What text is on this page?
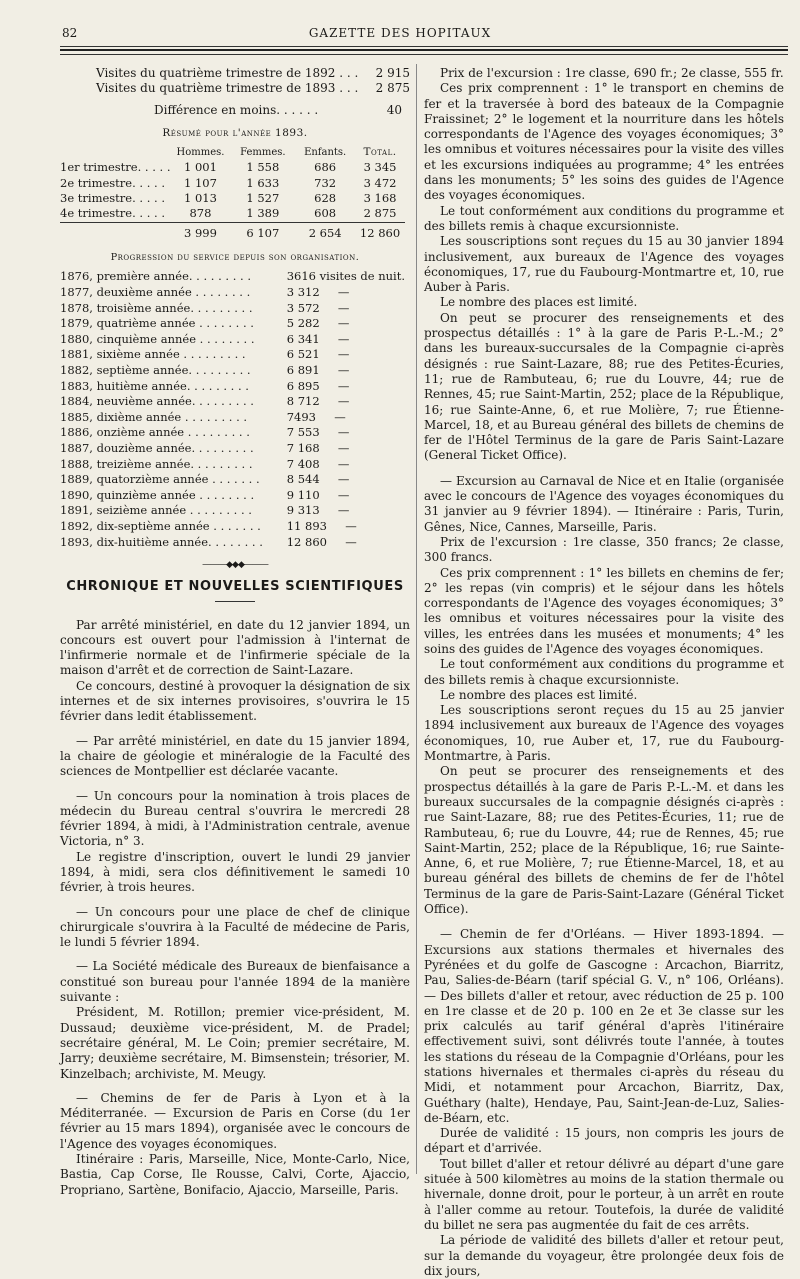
82	GAZETTE DES HOPITAUX
Visites du quatrième trimestre de 1892 . . .	2 915
Visites du quatrième trimestre de 1893 . . .	2 875
Différence en moins. . . . . .	40
Résumé pour l'année 1893.
	Hommes.	Femmes.	Enfants.	Total.
1er trimestre. . . . .	1 001	1 558	686	3 345
2e trimestre. . . . .	1 107	1 633	732	3 472
3e trimestre. . . . .	1 013	1 527	628	3 168
4e trimestre. . . . .	878	1 389	608	2 875
	3 999	6 107	2 654	12 860
Progression du service depuis son organisation.
1876, première année. . . . . . . . .	3616 visites de nuit.
1877, deuxième année . . . . . . . .	3 312     —
1878, troisième année. . . . . . . . .	3 572     —
1879, quatrième année . . . . . . . .	5 282     —
1880, cinquième année . . . . . . . .	6 341     —
1881, sixième année . . . . . . . . .	6 521     —
1882, septième année. . . . . . . . .	6 891     —
1883, huitième année. . . . . . . . .	6 895     —
1884, neuvième année. . . . . . . . .	8 712     —
1885, dixième année . . . . . . . . .	7493     —
1886, onzième année . . . . . . . . .	7 553     —
1887, douzième année. . . . . . . . .	7 168     —
1888, treizième année. . . . . . . . .	7 408     —
1889, quatorzième année . . . . . . .	8 544     —
1890, quinzième année . . . . . . . .	9 110     —
1891, seizième année . . . . . . . . .	9 313     —
1892, dix-septième année . . . . . . .	11 893     —
1893, dix-huitième année. . . . . . . .	12 860     —
———◆◆◆———
CHRONIQUE ET NOUVELLES SCIENTIFIQUES

Par arrêté ministériel, en date du 12 janvier 1894, un concours est ouvert pour l'admission à l'internat de l'infirmerie normale et de l'infirmerie spéciale de la maison d'arrêt et de correction de Saint-Lazare.

Ce concours, destiné à provoquer la désignation de six internes et de six internes provisoires, s'ouvrira le 15 février dans ledit établissement.

— Par arrêté ministériel, en date du 15 janvier 1894, la chaire de géologie et minéralogie de la Faculté des sciences de Montpellier est déclarée vacante.

— Un concours pour la nomination à trois places de médecin du Bureau central s'ouvrira le mercredi 28 février 1894, à midi, à l'Administration centrale, avenue Victoria, n° 3.

Le registre d'inscription, ouvert le lundi 29 janvier 1894, à midi, sera clos définitivement le samedi 10 février, à trois heures.

— Un concours pour une place de chef de clinique chirurgicale s'ouvrira à la Faculté de médecine de Paris, le lundi 5 février 1894.

— La Société médicale des Bureaux de bienfaisance a constitué son bureau pour l'année 1894 de la manière suivante :

Président, M. Rotillon; premier vice-président, M. Dussaud; deuxième vice-président, M. de Pradel; secrétaire général, M. Le Coin; premier secrétaire, M. Jarry; deuxième secrétaire, M. Bimsenstein; trésorier, M. Kinzelbach; archiviste, M. Meugy.

— Chemins de fer de Paris à Lyon et à la Méditerranée. — Excursion de Paris en Corse (du 1er février au 15 mars 1894), organisée avec le concours de l'Agence des voyages économiques.

Itinéraire : Paris, Marseille, Nice, Monte-Carlo, Nice, Bastia, Cap Corse, Ile Rousse, Calvi, Corte, Ajaccio, Propriano, Sartène, Bonifacio, Ajaccio, Marseille, Paris.

Prix de l'excursion : 1re classe, 690 fr.; 2e classe, 555 fr.

Ces prix comprennent : 1° le transport en chemins de fer et la traversée à bord des bateaux de la Compagnie Fraissinet; 2° le logement et la nourriture dans les hôtels correspondants de l'Agence des voyages économiques; 3° les omnibus et voitures nécessaires pour la visite des villes et les excursions indiquées au programme; 4° les entrées dans les monuments; 5° les soins des guides de l'Agence des voyages économiques.

Le tout conformément aux conditions du programme et des billets remis à chaque excursionniste.

Les souscriptions sont reçues du 15 au 30 janvier 1894 inclusivement, aux bureaux de l'Agence des voyages économiques, 17, rue du Faubourg-Montmartre et, 10, rue Auber à Paris.

Le nombre des places est limité.

On peut se procurer des renseignements et des prospectus détaillés : 1° à la gare de Paris P.-L.-M.; 2° dans les bureaux-succursales de la Compagnie ci-après désignés : rue Saint-Lazare, 88; rue des Petites-Écuries, 11; rue de Rambuteau, 6; rue du Louvre, 44; rue de Rennes, 45; rue Saint-Martin, 252; place de la République, 16; rue Sainte-Anne, 6, et rue Molière, 7; rue Étienne-Marcel, 18, et au Bureau général des billets de chemins de fer de l'Hôtel Terminus de la gare de Paris Saint-Lazare (General Ticket Office).

— Excursion au Carnaval de Nice et en Italie (organisée avec le concours de l'Agence des voyages économiques du 31 janvier au 9 février 1894). — Itinéraire : Paris, Turin, Gênes, Nice, Cannes, Marseille, Paris.

Prix de l'excursion : 1re classe, 350 francs; 2e classe, 300 francs.

Ces prix comprennent : 1° les billets en chemins de fer; 2° les repas (vin compris) et le séjour dans les hôtels correspondants de l'Agence des voyages économiques; 3° les omnibus et voitures nécessaires pour la visite des villes, les entrées dans les musées et monuments; 4° les soins des guides de l'Agence des voyages économiques.

Le tout conformément aux conditions du programme et des billets remis à chaque excursionniste.

Le nombre des places est limité.

Les souscriptions seront reçues du 15 au 25 janvier 1894 inclusivement aux bureaux de l'Agence des voyages économiques, 10, rue Auber et, 17, rue du Faubourg-Montmartre, à Paris.

On peut se procurer des renseignements et des prospectus détaillés à la gare de Paris P.-L.-M. et dans les bureaux succursales de la compagnie désignés ci-après : rue Saint-Lazare, 88; rue des Petites-Écuries, 11; rue de Rambuteau, 6; rue du Louvre, 44; rue de Rennes, 45; rue Saint-Martin, 252; place de la République, 16; rue Sainte-Anne, 6, et rue Molière, 7; rue Étienne-Marcel, 18, et au bureau général des billets de chemins de fer de l'hôtel Terminus de la gare de Paris-Saint-Lazare (Général Ticket Office).

— Chemin de fer d'Orléans. — Hiver 1893-1894. — Excursions aux stations thermales et hivernales des Pyrénées et du golfe de Gascogne : Arcachon, Biarritz, Pau, Salies-de-Béarn (tarif spécial G. V., n° 106, Orléans). — Des billets d'aller et retour, avec réduction de 25 p. 100 en 1re classe et de 20 p. 100 en 2e et 3e classe sur les prix calculés au tarif général d'après l'itinéraire effectivement suivi, sont délivrés toute l'année, à toutes les stations du réseau de la Compagnie d'Orléans, pour les stations hivernales et thermales ci-après du réseau du Midi, et notamment pour Arcachon, Biarritz, Dax, Guéthary (halte), Hendaye, Pau, Saint-Jean-de-Luz, Salies-de-Béarn, etc.

Durée de validité : 15 jours, non compris les jours de départ et d'arrivée.

Tout billet d'aller et retour délivré au départ d'une gare située à 500 kilomètres au moins de la station thermale ou hivernale, donne droit, pour le porteur, à un arrêt en route à l'aller comme au retour. Toutefois, la durée de validité du billet ne sera pas augmentée du fait de ces arrêts.

La période de validité des billets d'aller et retour peut, sur la demande du voyageur, être prolongée deux fois de dix jours,
